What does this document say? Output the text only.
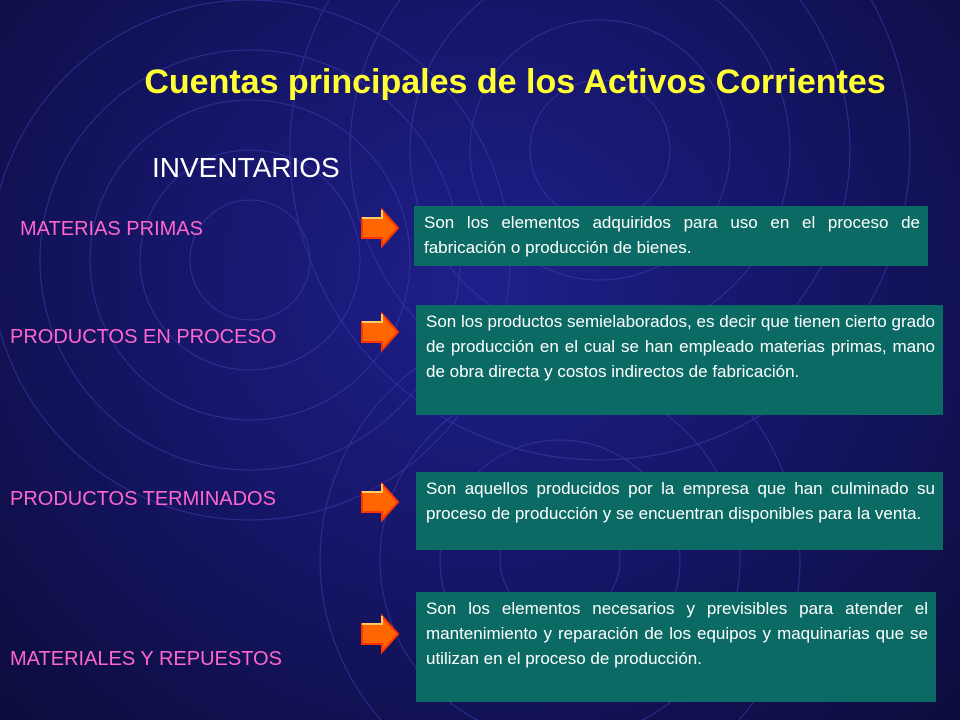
Cuentas principales de los Activos Corrientes
INVENTARIOS
MATERIAS PRIMAS	Son los elementos adquiridos para uso en el proceso de fabricación o producción de bienes.
PRODUCTOS EN PROCESO
Son los productos semielaborados, es decir que tienen cierto grado de producción en el cual se han empleado materias primas, mano de obra directa y costos indirectos de fabricación.
PRODUCTOS TERMINADOS	Son aquellos producidos por la empresa que han culminado su proceso de producción y se encuentran disponibles para la venta.
MATERIALES Y REPUESTOS
Son los elementos necesarios y previsibles para atender el mantenimiento y reparación de los equipos y maquinarias que se utilizan en el proceso de producción.
